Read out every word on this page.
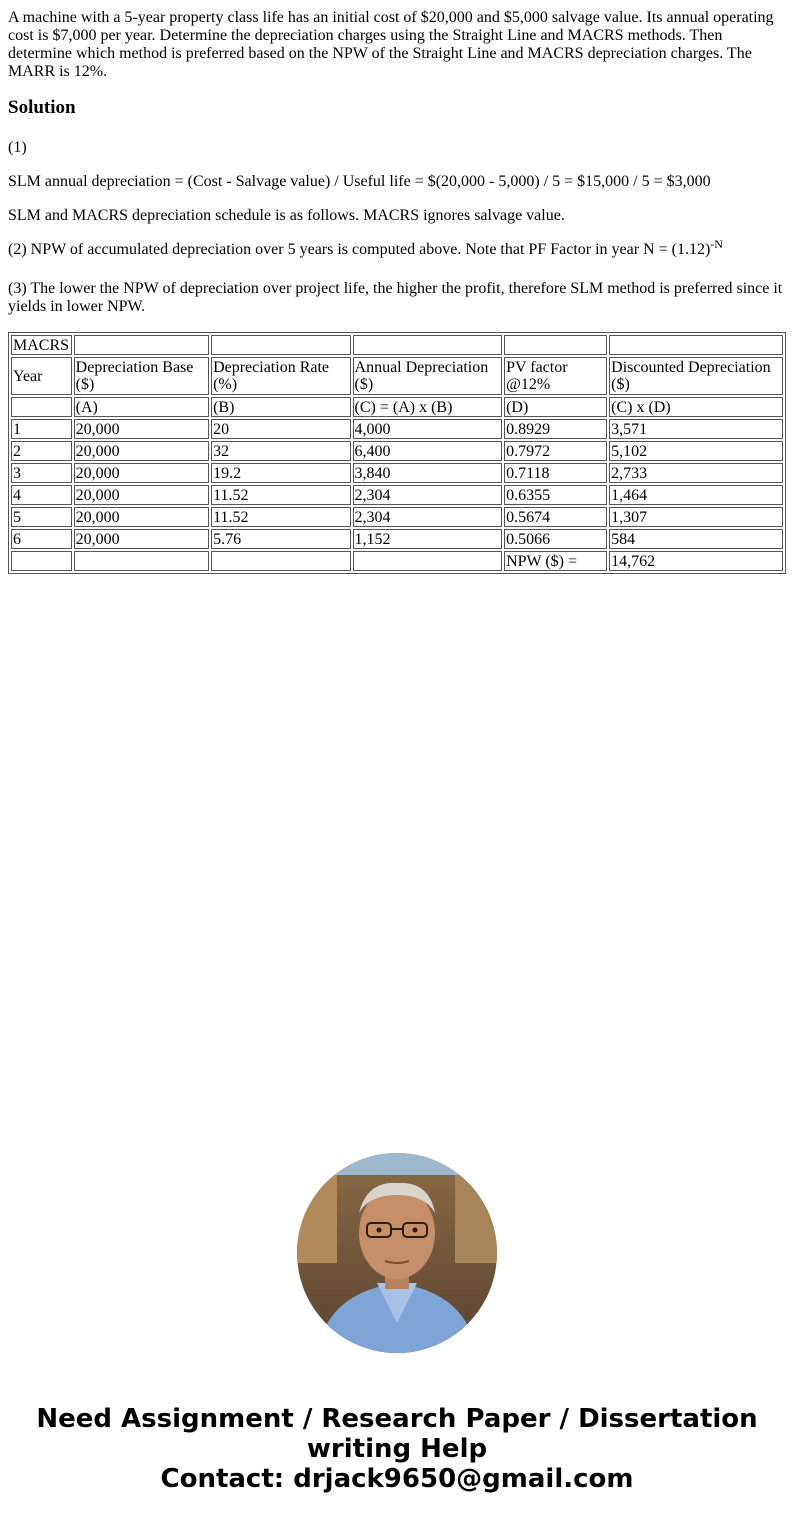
A machine with a 5-year property class life has an initial cost of $20,000 and $5,000 salvage value. Its annual operating cost is $7,000 per year. Determine the depreciation charges using the Straight Line and MACRS methods. Then determine which method is preferred based on the NPW of the Straight Line and MACRS depreciation charges. The MARR is 12%.

Solution

(1)

SLM annual depreciation = (Cost - Salvage value) / Useful life = $(20,000 - 5,000) / 5 = $15,000 / 5 = $3,000

SLM and MACRS depreciation schedule is as follows. MACRS ignores salvage value.

(2) NPW of accumulated depreciation over 5 years is computed above. Note that PF Factor in year $N = (1.12)^{-N}$

(3) The lower the NPW of depreciation over project life, the higher the profit, therefore SLM method is preferred since it yields in lower NPW.

MACRS					
Year	Depreciation Base ($)	Depreciation Rate (%)	Annual Depreciation ($)	PV factor @12%	Discounted Depreciation ($)
	(A)	(B)	(C) = (A) x (B)	(D)	(C) x (D)
1	20,000	20	4,000	0.8929	3,571
2	20,000	32	6,400	0.7972	5,102
3	20,000	19.2	3,840	0.7118	2,733
4	20,000	11.52	2,304	0.6355	1,464
5	20,000	11.52	2,304	0.5674	1,307
6	20,000	5.76	1,152	0.5066	584
				NPW ($) =	14,762
Need Assignment / Research Paper / Dissertation
writing Help
Contact: drjack9650@gmail.com
